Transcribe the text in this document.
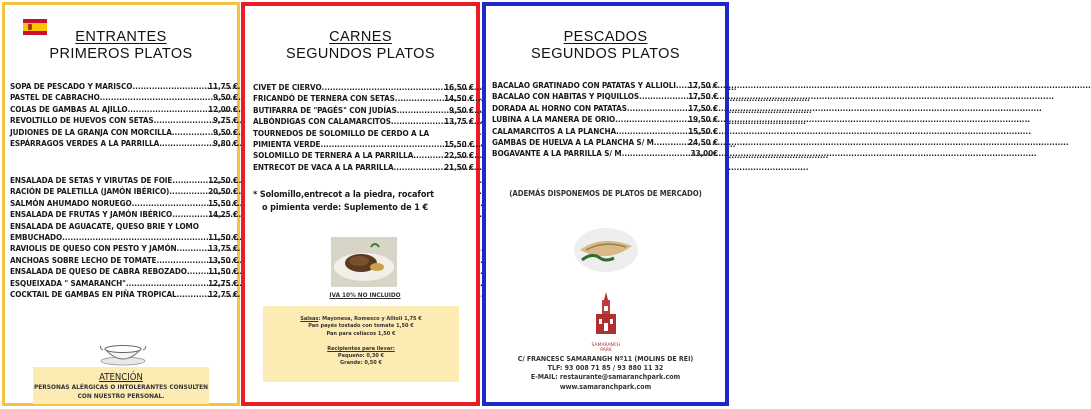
ENTRANTES
PRIMEROS PLATOS
SOPA DE PESCADO Y MARISCO .....	11,75 €
PASTEL DE CABRACHO .....	9,50 €
COLAS DE GAMBAS AL AJILLO .....	12,00 €
REVOLTILLO DE HUEVOS CON SETAS .....	9,75 €
JUDIONES DE LA GRANJA CON MORCILLA .....	9,50 €
ESPÁRRAGOS VERDES A LA PARRILLA .....	9,80 €
ENSALADA DE SETAS Y VIRUTAS DE FOIE .....	12,50 €
RACIÓN DE PALETILLA (JAMÓN IBÉRICO) .....	20,50 €
SALMÓN AHUMADO NORUEGO .....	15,50 €
ENSALADA DE FRUTAS Y JAMÓN IBÉRICO .....	14,25 €
ENSALADA DE AGUACATE, QUESO BRIE Y LOMO
EMBUCHADO .....	11,50 €
RAVIOLIS DE QUESO CON PESTO Y JAMÓN .....	13,75 €
ANCHOAS SOBRE LECHO DE TOMATE .....	13,50 €
ENSALADA DE QUESO DE CABRA REBOZADO .....	11,50 €
ESQUEIXADA " SAMARANCH" .....	12,75 €
COCKTAIL DE GAMBAS EN PIÑA TROPICAL .....	12,75 €
ATENCIÓN
PERSONAS ALÉRGICAS O INTOLERANTES CONSULTEN
CON NUESTRO PERSONAL.
CARNES
SEGUNDOS PLATOS
CIVET DE CIERVO .....	16,50 €
FRICANDÓ DE TERNERA CON SETAS .....	14,50 €
BUTIFARRA DE "PAGÉS" CON JUDÍAS .....	9,50 €
ALBÓNDIGAS CON CALAMARCITOS .....	13,75 €
TOURNEDOS DE SOLOMILLO DE CERDO A LA
PIMIENTA VERDE .....	15,50 €
SOLOMILLO DE TERNERA A LA PARRILLA .....	22,50 €
ENTRECOT DE VACA A LA PARRILLA .....	21,50 €
* Solomillo,entrecot a la piedra, rocafort
o pimienta verde: Suplemento de 1 €
IVA 10% NO INCLUIDO
Salsas: Mayonesa, Romesco y Allioli 1,75 €
Pan payés tostado con tomate 1,50 €
Pan para celíacos 1,50 €
Recipientes para llevar:
Pequeño: 0,30 €
Grande: 0,50 €
PESCADOS
SEGUNDOS PLATOS
BACALAO GRATINADO CON PATATAS Y ALLIOLI ..... 17,50 €
BACALAO CON HABITAS Y PIQUILLOS .....	17,50 €
DORADA AL HORNO CON PATATAS .....	17,50 €
LUBINA A LA MANERA DE ORIO .....	19,50 €
CALAMARCITOS A LA PLANCHA .....	15,50 €
GAMBAS DE HUELVA A LA PLANCHA S/ M .....	24,50 €
BOGAVANTE A LA PARRILLA S/ M .....	33,00€
(ADEMÁS DISPONEMOS DE PLATOS DE MERCADO)
SAMARANCH
PARK
C/ FRANCESC SAMARANGH Nº11 (MOLINS DE REI)
TLF: 93 008 71 85 / 93 880 11 32
E-MAIL: restaurante@samaranchpark.com
www.samaranchpark.com
